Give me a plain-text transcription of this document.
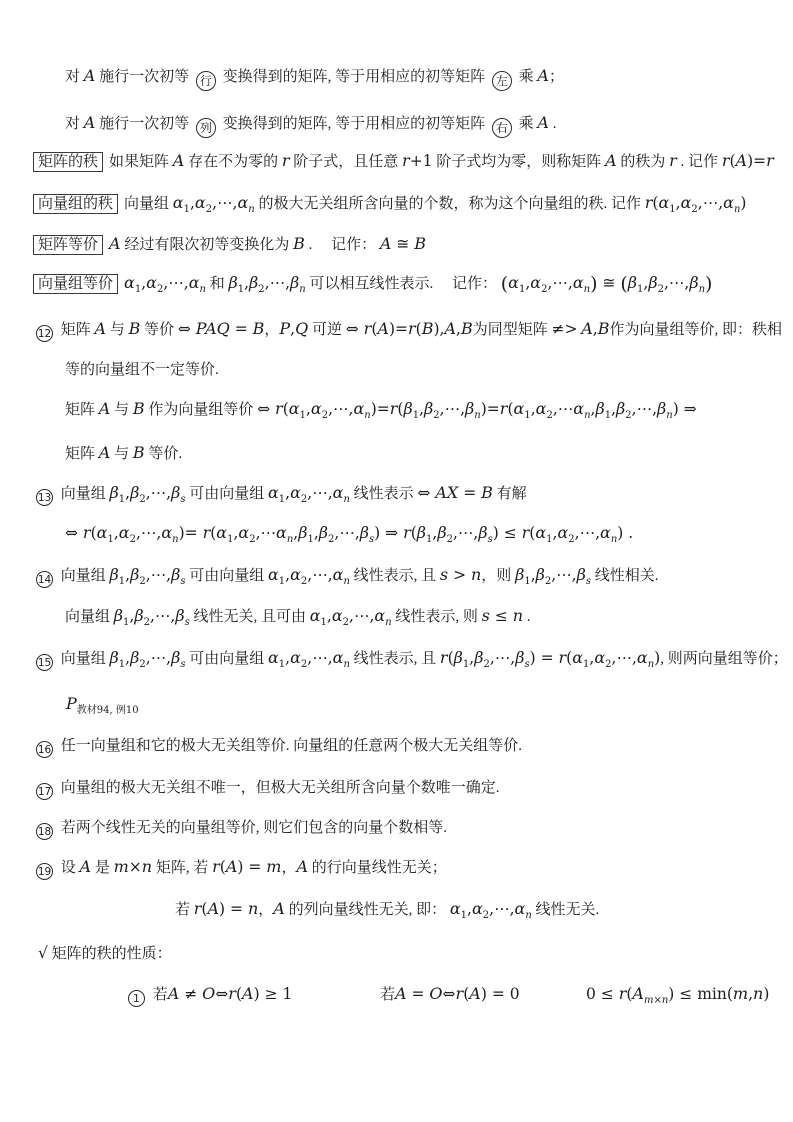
对 A 施行一次初等 行 变换得到的矩阵, 等于用相应的初等矩阵 左 乘 A；
对 A 施行一次初等 列 变换得到的矩阵, 等于用相应的初等矩阵 右 乘 A .
矩阵的秩 如果矩阵 A 存在不为零的 r 阶子式，且任意 r+1 阶子式均为零，则称矩阵 A 的秩为 r . 记作 r(A)=r
向量组的秩 向量组 $\alpha_1,\alpha_2,\cdots,\alpha_n$ 的极大无关组所含向量的个数，称为这个向量组的秩. 记作 $r(\alpha_1,\alpha_2,\cdots,\alpha_n)$
矩阵等价 A 经过有限次初等变换化为 B .　 记作： A ≅ B
向量组等价 $\alpha_1,\alpha_2,\cdots,\alpha_n$ 和 $\beta_1,\beta_2,\cdots,\beta_n$ 可以相互线性表示.　 记作： $(\alpha_1,\alpha_2,\cdots,\alpha_n)$ ≅ $(\beta_1,\beta_2,\cdots,\beta_n)$
12 矩阵 A 与 B 等价 ⇔ PAQ = B，P,Q 可逆 ⇔ r(A)=r(B),A,B为同型矩阵 ≠> A,B作为向量组等价, 即：秩相
等的向量组不一定等价.
矩阵 A 与 B 作为向量组等价 ⇔ $r(\alpha_1,\alpha_2,\cdots,\alpha_n)=r(\beta_1,\beta_2,\cdots,\beta_n)=r(\alpha_1,\alpha_2,\cdots\alpha_n,\beta_1,\beta_2,\cdots,\beta_n)$ ⇒
矩阵 A 与 B 等价.
13 向量组 $\beta_1,\beta_2,\cdots,\beta_s$ 可由向量组 $\alpha_1,\alpha_2,\cdots,\alpha_n$ 线性表示 ⇔ AX = B 有解
⇔ $r(\alpha_1,\alpha_2,\cdots,\alpha_n)=$ $r(\alpha_1,\alpha_2,\cdots\alpha_n,\beta_1,\beta_2,\cdots,\beta_s)$ ⇒ $r(\beta_1,\beta_2,\cdots,\beta_s)$ ≤ $r(\alpha_1,\alpha_2,\cdots,\alpha_n)$ .
14 向量组 $\beta_1,\beta_2,\cdots,\beta_s$ 可由向量组 $\alpha_1,\alpha_2,\cdots,\alpha_n$ 线性表示, 且 s > n，则 $\beta_1,\beta_2,\cdots,\beta_s$ 线性相关.
向量组 $\beta_1,\beta_2,\cdots,\beta_s$ 线性无关, 且可由 $\alpha_1,\alpha_2,\cdots,\alpha_n$ 线性表示, 则 s ≤ n .
15 向量组 $\beta_1,\beta_2,\cdots,\beta_s$ 可由向量组 $\alpha_1,\alpha_2,\cdots,\alpha_n$ 线性表示, 且 $r(\beta_1,\beta_2,\cdots,\beta_s)$ = $r(\alpha_1,\alpha_2,\cdots,\alpha_n)$, 则两向量组等价；
$P_{教材94, 例10}$
16 任一向量组和它的极大无关组等价. 向量组的任意两个极大无关组等价.
17 向量组的极大无关组不唯一，但极大无关组所含向量个数唯一确定.
18 若两个线性无关的向量组等价, 则它们包含的向量个数相等.
19 设 A 是 m×n 矩阵, 若 r(A) = m，A 的行向量线性无关；
若 r(A) = n，A 的列向量线性无关, 即： $\alpha_1,\alpha_2,\cdots,\alpha_n$ 线性无关.
√ 矩阵的秩的性质：
1 若A ≠ O⇔r(A) ≥ 1	若A = O⇔r(A) = 0	$0 \le r(A_{m\times n}) \le \min(m,n)$
